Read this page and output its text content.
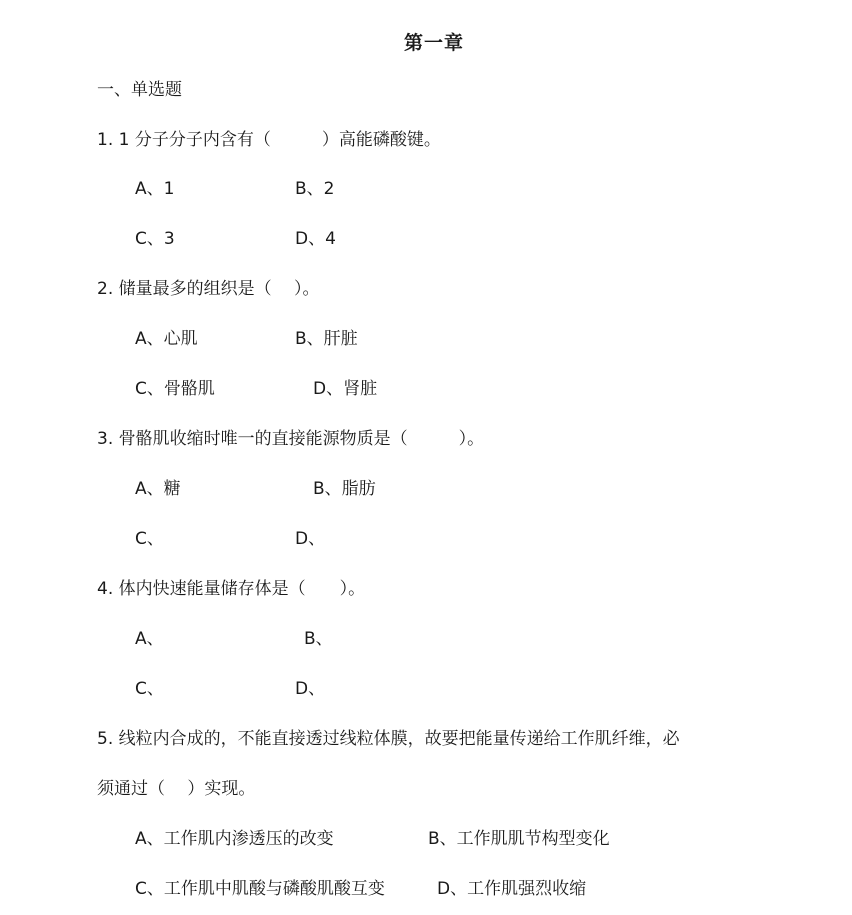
第一章
一、单选题
1. 1 分子分子内含有（　　　）高能磷酸键。
A、1	B、2
C、3	D、4
2. 储量最多的组织是（　 ）。
A、心肌	B、肝脏
C、骨骼肌	D、肾脏
3. 骨骼肌收缩时唯一的直接能源物质是（　　　）。
A、糖	B、脂肪
C、	D、
4. 体内快速能量储存体是（　　）。
A、	B、
C、	D、
5. 线粒内合成的，不能直接透过线粒体膜，故要把能量传递给工作肌纤维，必
须通过（　 ）实现。
A、工作肌内渗透压的改变	B、工作肌肌节构型变化
C、工作肌中肌酸与磷酸肌酸互变	D、工作肌强烈收缩
